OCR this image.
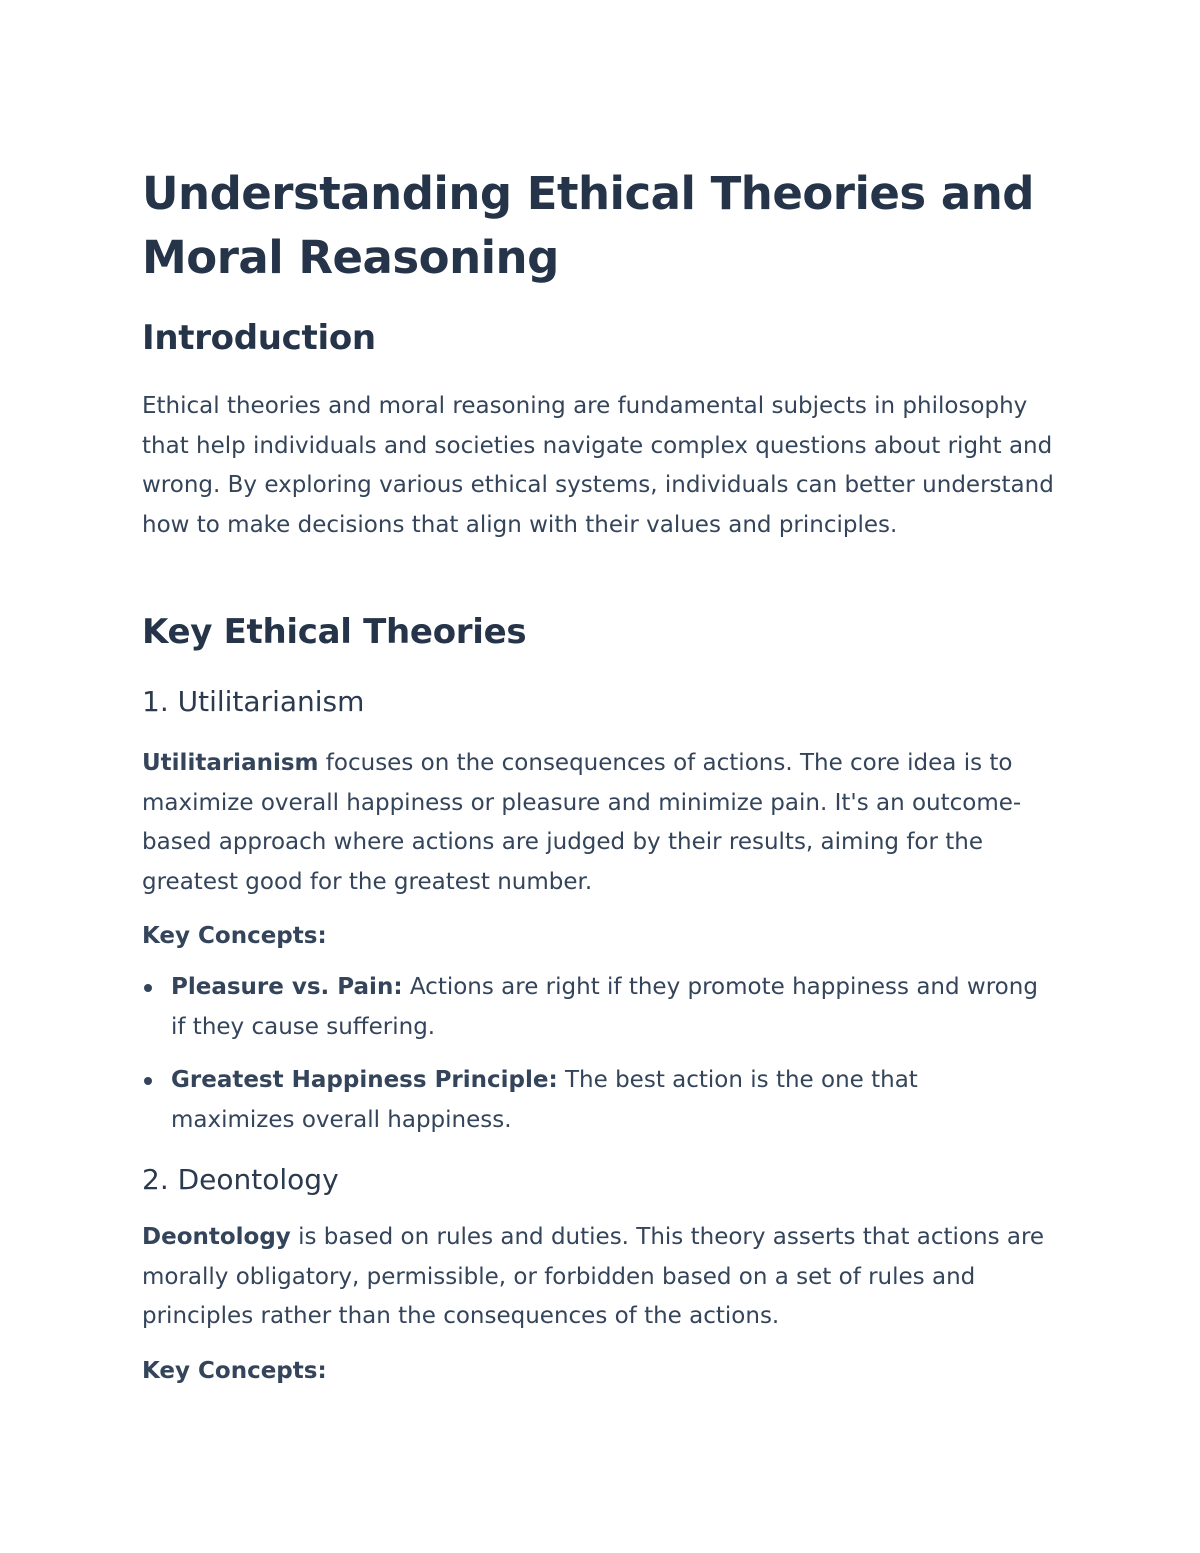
Understanding Ethical Theories and Moral Reasoning
Introduction

Ethical theories and moral reasoning are fundamental subjects in philosophy that help individuals and societies navigate complex questions about right and wrong. By exploring various ethical systems, individuals can better understand how to make decisions that align with their values and principles.

Key Ethical Theories
1. Utilitarianism

Utilitarianism focuses on the consequences of actions. The core idea is to maximize overall happiness or pleasure and minimize pain. It's an outcome-based approach where actions are judged by their results, aiming for the greatest good for the greatest number.

Key Concepts:

Pleasure vs. Pain: Actions are right if they promote happiness and wrong if they cause suffering.
Greatest Happiness Principle: The best action is the one that maximizes overall happiness.
2. Deontology

Deontology is based on rules and duties. This theory asserts that actions are morally obligatory, permissible, or forbidden based on a set of rules and principles rather than the consequences of the actions.

Key Concepts:
